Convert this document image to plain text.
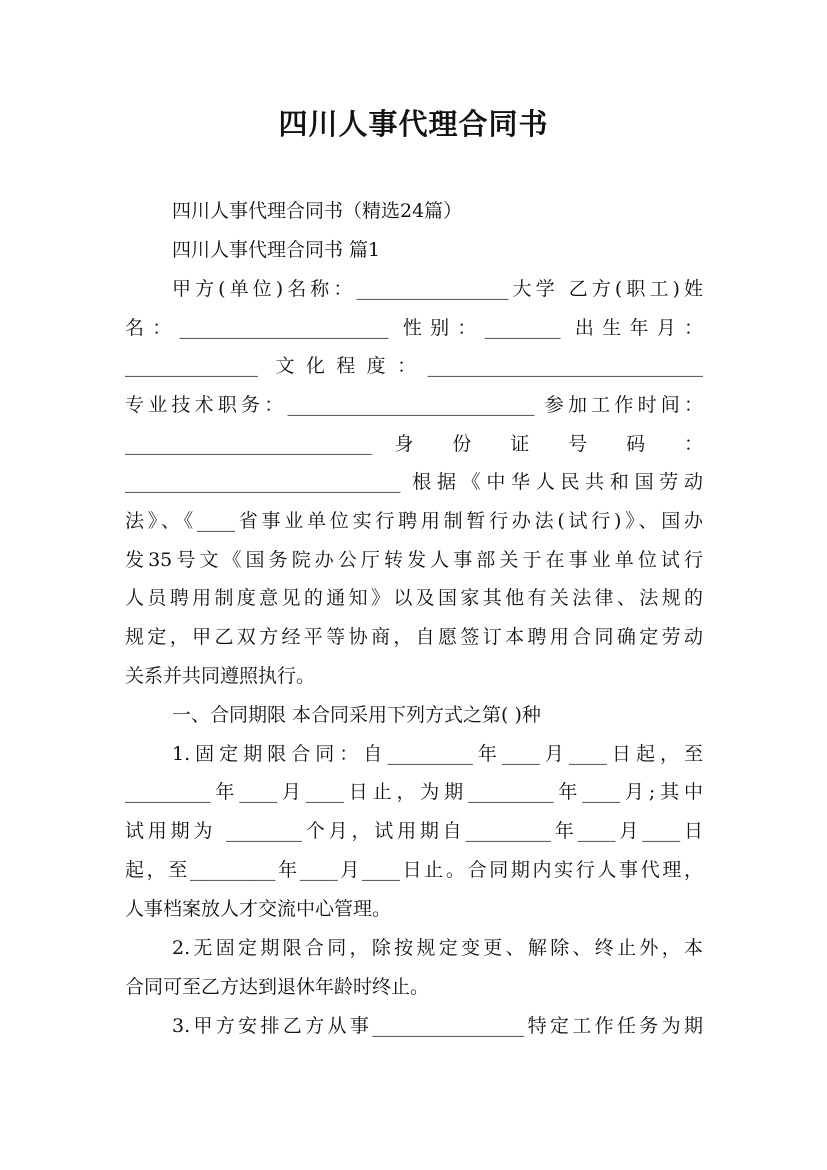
四川人事代理合同书
四川人事代理合同书（精选24篇）
四川人事代理合同书 篇1
甲方(单位)名称：________________大学 乙方(职工)姓
名：______________________ 性别：________ 出生年月：
______________ 文化程度：_____________________________
专业技术职务：__________________________ 参加工作时间：
__________________________ 身 份 证 号 码 ：
_____________________________ 根据《中华人民共和国劳动
法》、《____省事业单位实行聘用制暂行办法(试行)》、国办
发35号文《国务院办公厅转发人事部关于在事业单位试行
人员聘用制度意见的通知》以及国家其他有关法律、法规的
规定，甲乙双方经平等协商，自愿签订本聘用合同确定劳动
关系并共同遵照执行。
一、合同期限 本合同采用下列方式之第( )种
1.固定期限合同：自_________年____月____日起，至
_________年____月____日止，为期_________年____月;其中
试用期为 ________个月，试用期自_________年____月____日
起，至_________年____月____日止。合同期内实行人事代理，
人事档案放人才交流中心管理。
2.无固定期限合同，除按规定变更、解除、终止外，本
合同可至乙方达到退休年龄时终止。
3.甲方安排乙方从事________________特定工作任务为期
